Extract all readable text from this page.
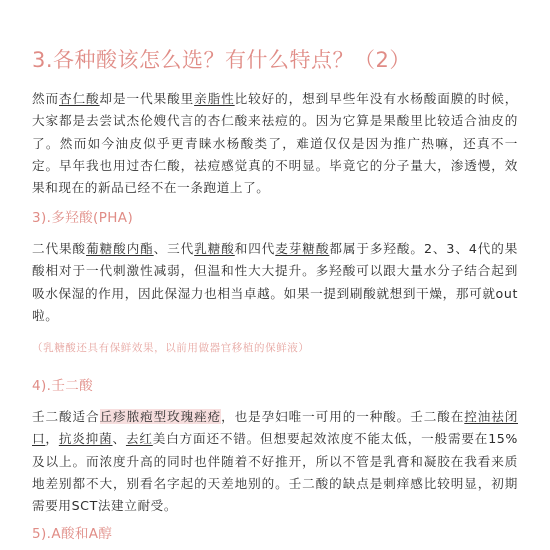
3.各种酸该怎么选？有什么特点？（2）

然而杏仁酸却是一代果酸里亲脂性比较好的，想到早些年没有水杨酸面膜的时候，大家都是去尝试杰伦嫂代言的杏仁酸来祛痘的。因为它算是果酸里比较适合油皮的了。然而如今油皮似乎更青睐水杨酸类了，难道仅仅是因为推广热嘛，还真不一定。早年我也用过杏仁酸，祛痘感觉真的不明显。毕竟它的分子量大，渗透慢，效果和现在的新品已经不在一条跑道上了。

3).多羟酸(PHA)

二代果酸葡糖酸内酯、三代乳糖酸和四代麦芽糖酸都属于多羟酸。2、3、4代的果酸相对于一代刺激性减弱，但温和性大大提升。多羟酸可以跟大量水分子结合起到吸水保湿的作用，因此保湿力也相当卓越。如果一提到刷酸就想到干燥，那可就out啦。

（乳糖酸还具有保鲜效果，以前用做器官移植的保鲜液）
4).壬二酸

壬二酸适合丘疹脓疱型玫瑰痤疮，也是孕妇唯一可用的一种酸。壬二酸在控油祛闭口，抗炎抑菌、去红美白方面还不错。但想要起效浓度不能太低，一般需要在15%及以上。而浓度升高的同时也伴随着不好推开，所以不管是乳膏和凝胶在我看来质地差别都不大，别看名字起的天差地别的。壬二酸的缺点是刺痒感比较明显，初期需要用SCT法建立耐受。

5).A酸和A醇
